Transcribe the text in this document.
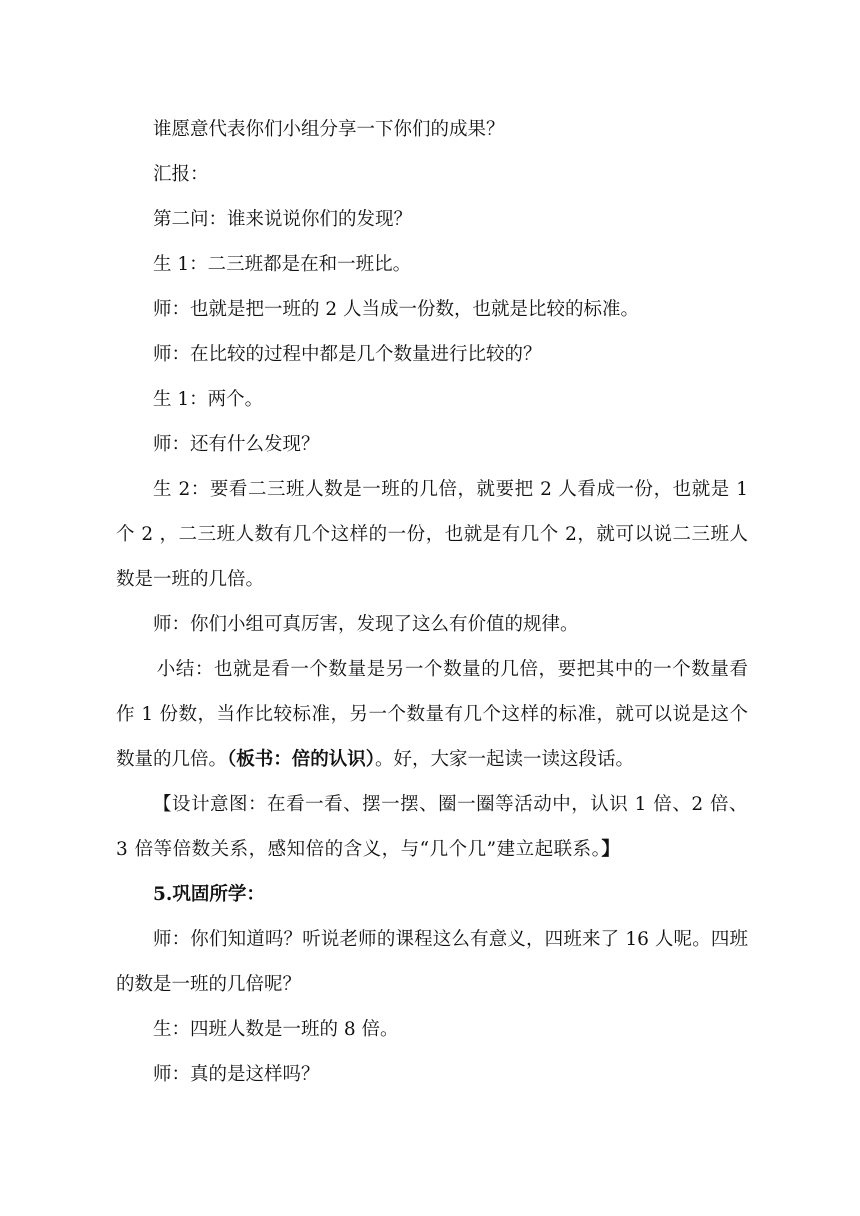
谁愿意代表你们小组分享一下你们的成果？

汇报：

第二问：谁来说说你们的发现？

生 1：二三班都是在和一班比。

师：也就是把一班的 2 人当成一份数，也就是比较的标准。

师：在比较的过程中都是几个数量进行比较的？

生 1：两个。

师：还有什么发现？

生 2：要看二三班人数是一班的几倍，就要把 2 人看成一份，也就是 1 个 2 ，二三班人数有几个这样的一份，也就是有几个 2，就可以说二三班人数是一班的几倍。

师：你们小组可真厉害，发现了这么有价值的规律。

小结：也就是看一个数量是另一个数量的几倍，要把其中的一个数量看作 1 份数，当作比较标准，另一个数量有几个这样的标准，就可以说是这个数量的几倍。（板书：倍的认识）。好，大家一起读一读这段话。

【设计意图：在看一看、摆一摆、圈一圈等活动中，认识 1 倍、2 倍、3 倍等倍数关系，感知倍的含义，与“几个几”建立起联系。】

5.巩固所学：

师：你们知道吗？听说老师的课程这么有意义，四班来了 16 人呢。四班的数是一班的几倍呢？

生：四班人数是一班的 8 倍。

师：真的是这样吗？
